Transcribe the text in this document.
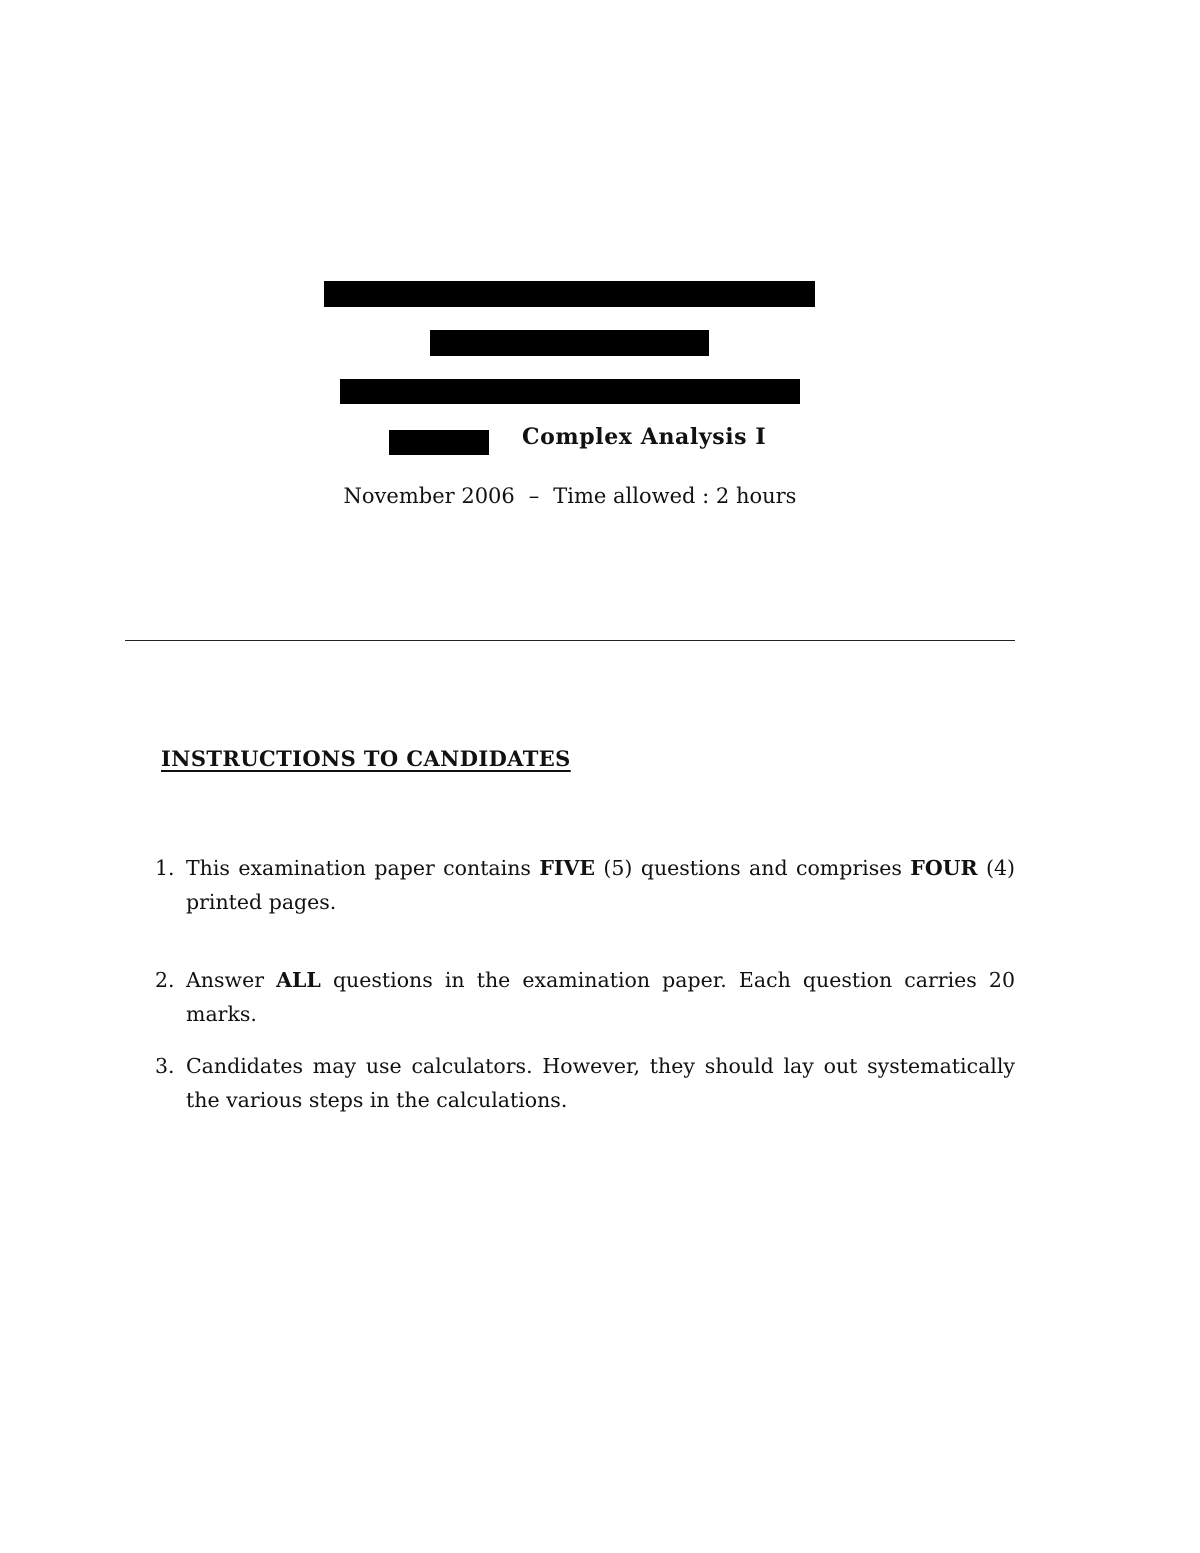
Complex Analysis I
November 2006 – Time allowed : 2 hours
INSTRUCTIONS TO CANDIDATES
1. This examination paper contains FIVE (5) questions and comprises FOUR (4) printed pages.
2. Answer ALL questions in the examination paper. Each question carries 20 marks.
3. Candidates may use calculators. However, they should lay out systematically the various steps in the calculations.
